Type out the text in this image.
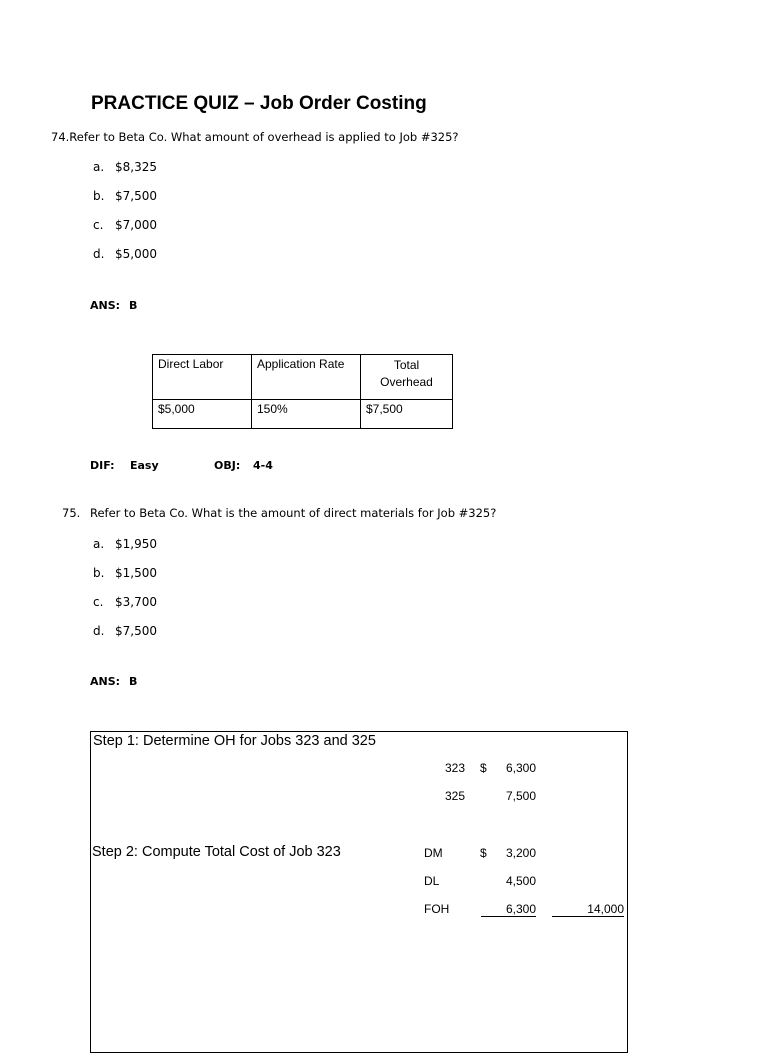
PRACTICE QUIZ – Job Order Costing
74.Refer to Beta Co. What amount of overhead is applied to Job #325?
a. $8,325
b. $7,500
c. $7,000
d. $5,000
ANS: B
Direct Labor	Application Rate	Total
Overhead

$5,000	150%	$7,500
DIF: Easy	OBJ: 4-4
75. Refer to Beta Co. What is the amount of direct materials for Job #325?
a. $1,950
b. $1,500
c. $3,700
d. $7,500
ANS: B
Step 1: Determine OH for Jobs 323 and 325
323 $	6,300
325	7,500
Step 2: Compute Total Cost of Job 323	DM	$	3,200
DL	4,500
FOH	6,300	14,000
